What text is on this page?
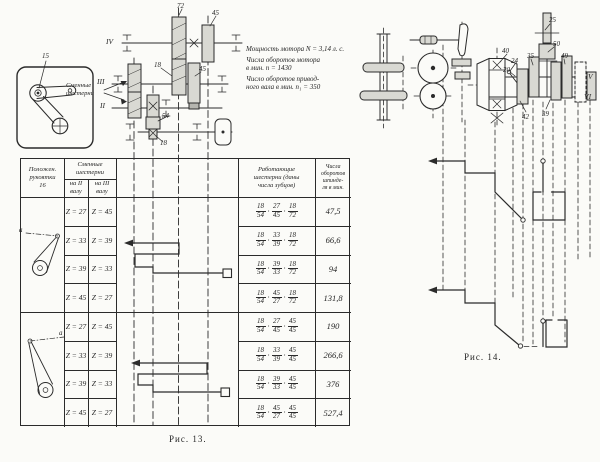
72
45
IV
18	45
III
II
54
18
15
Сменные
шестерни
Мощность мотора N = 3,14 л. с.
Числа оборотов мотора
в мин. n = 1430
Число оборотов привод-
ного вала в мин. n₁ = 350
а
а
Рис. 13.
Рис. 14.
25
50
40
24
35	49
20
42 39
V
VI
Положен.
рукоятки
16
Сменные
шестерни
на II
валу
на III
валу
Работающие
шестерни (даны
числа зубцов)
Числа
оборотов
шпинде-
ля в мин.
Z = 27 Z = 45	$\frac{18}{54} \cdot \frac{27}{45} \cdot \frac{18}{72}$	47,5
Z = 33 Z = 39	$\frac{18}{54} \cdot \frac{33}{39} \cdot \frac{18}{72}$	66,6
Z = 39 Z = 33	$\frac{18}{54} \cdot \frac{39}{33} \cdot \frac{18}{72}$	94
Z = 45 Z = 27	$\frac{18}{54} \cdot \frac{45}{27} \cdot \frac{18}{72}$	131,8
Z = 27 Z = 45	$\frac{18}{54} \cdot \frac{27}{45} \cdot \frac{45}{45}$	190
Z = 33 Z = 39	$\frac{18}{54} \cdot \frac{33}{39} \cdot \frac{45}{45}$	266,6
Z = 39 Z = 33	$\frac{18}{54} \cdot \frac{39}{33} \cdot \frac{45}{45}$	376
Z = 45 Z = 27	$\frac{18}{54} \cdot \frac{45}{27} \cdot \frac{45}{45}$	527,4
